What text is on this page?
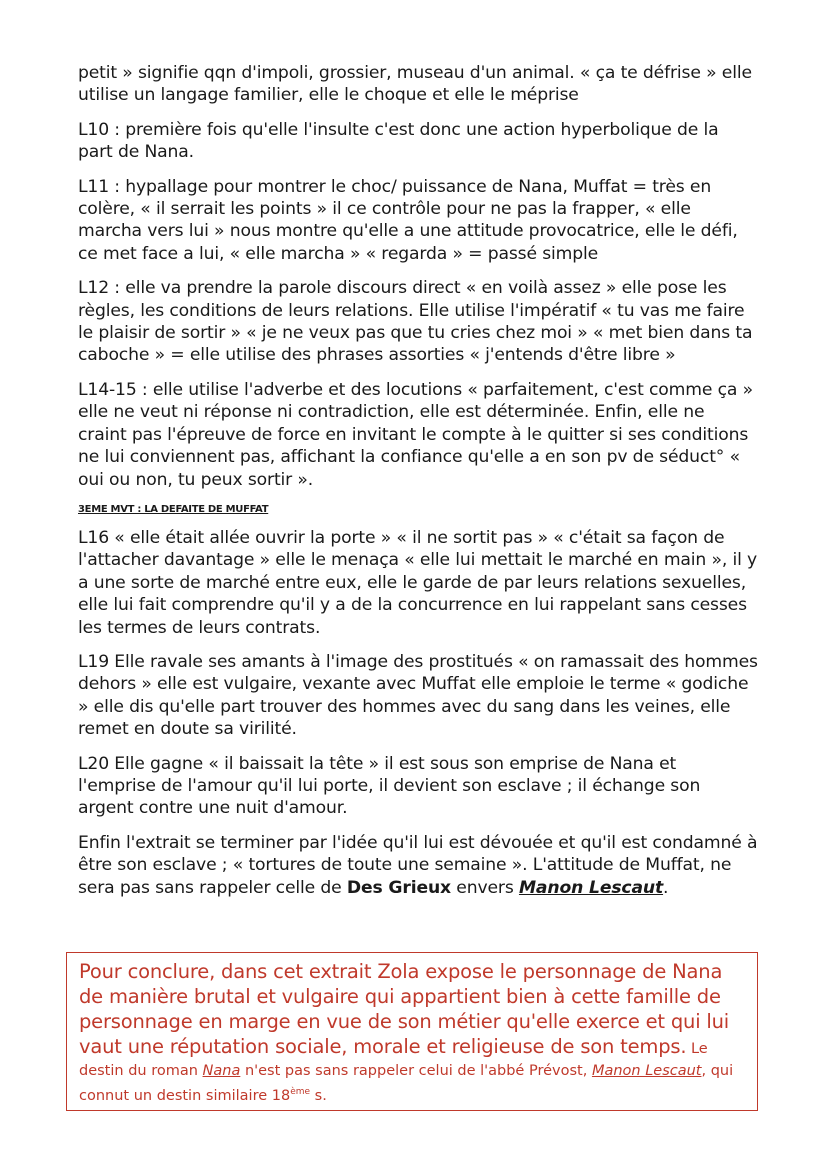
petit » signifie qqn d'impoli, grossier, museau d'un animal. « ça te défrise » elle utilise un langage familier, elle le choque et elle le méprise

L10 : première fois qu'elle l'insulte c'est donc une action hyperbolique de la part de Nana.

L11 : hypallage pour montrer le choc/ puissance de Nana, Muffat = très en colère, « il serrait les points » il ce contrôle pour ne pas la frapper, « elle marcha vers lui » nous montre qu'elle a une attitude provocatrice, elle le défi, ce met face a lui, « elle marcha » « regarda » = passé simple

L12 : elle va prendre la parole discours direct « en voilà assez » elle pose les règles, les conditions de leurs relations. Elle utilise l'impératif « tu vas me faire le plaisir de sortir » « je ne veux pas que tu cries chez moi » « met bien dans ta caboche » = elle utilise des phrases assorties « j'entends d'être libre »

L14-15 : elle utilise l'adverbe et des locutions « parfaitement, c'est comme ça » elle ne veut ni réponse ni contradiction, elle est déterminée. Enfin, elle ne craint pas l'épreuve de force en invitant le compte à le quitter si ses conditions ne lui conviennent pas, affichant la confiance qu'elle a en son pv de séduct° « oui ou non, tu peux sortir ».

3EME MVT : LA DEFAITE DE MUFFAT

L16 « elle était allée ouvrir la porte » « il ne sortit pas » « c'était sa façon de l'attacher davantage » elle le menaça « elle lui mettait le marché en main », il y a une sorte de marché entre eux, elle le garde de par leurs relations sexuelles, elle lui fait comprendre qu'il y a de la concurrence en lui rappelant sans cesses les termes de leurs contrats.

L19 Elle ravale ses amants à l'image des prostitués « on ramassait des hommes dehors » elle est vulgaire, vexante avec Muffat elle emploie le terme « godiche » elle dis qu'elle part trouver des hommes avec du sang dans les veines, elle remet en doute sa virilité.

L20 Elle gagne « il baissait la tête » il est sous son emprise de Nana et l'emprise de l'amour qu'il lui porte, il devient son esclave ; il échange son argent contre une nuit d'amour.

Enfin l'extrait se terminer par l'idée qu'il lui est dévouée et qu'il est condamné à être son esclave ; « tortures de toute une semaine ». L'attitude de Muffat, ne sera pas sans rappeler celle de Des Grieux envers Manon Lescaut.

Pour conclure, dans cet extrait Zola expose le personnage de Nana de manière brutal et vulgaire qui appartient bien à cette famille de personnage en marge en vue de son métier qu'elle exerce et qui lui vaut une réputation sociale, morale et religieuse de son temps. Le destin du roman Nana n'est pas sans rappeler celui de l'abbé Prévost, Manon Lescaut, qui connut un destin similaire 18ème s.
